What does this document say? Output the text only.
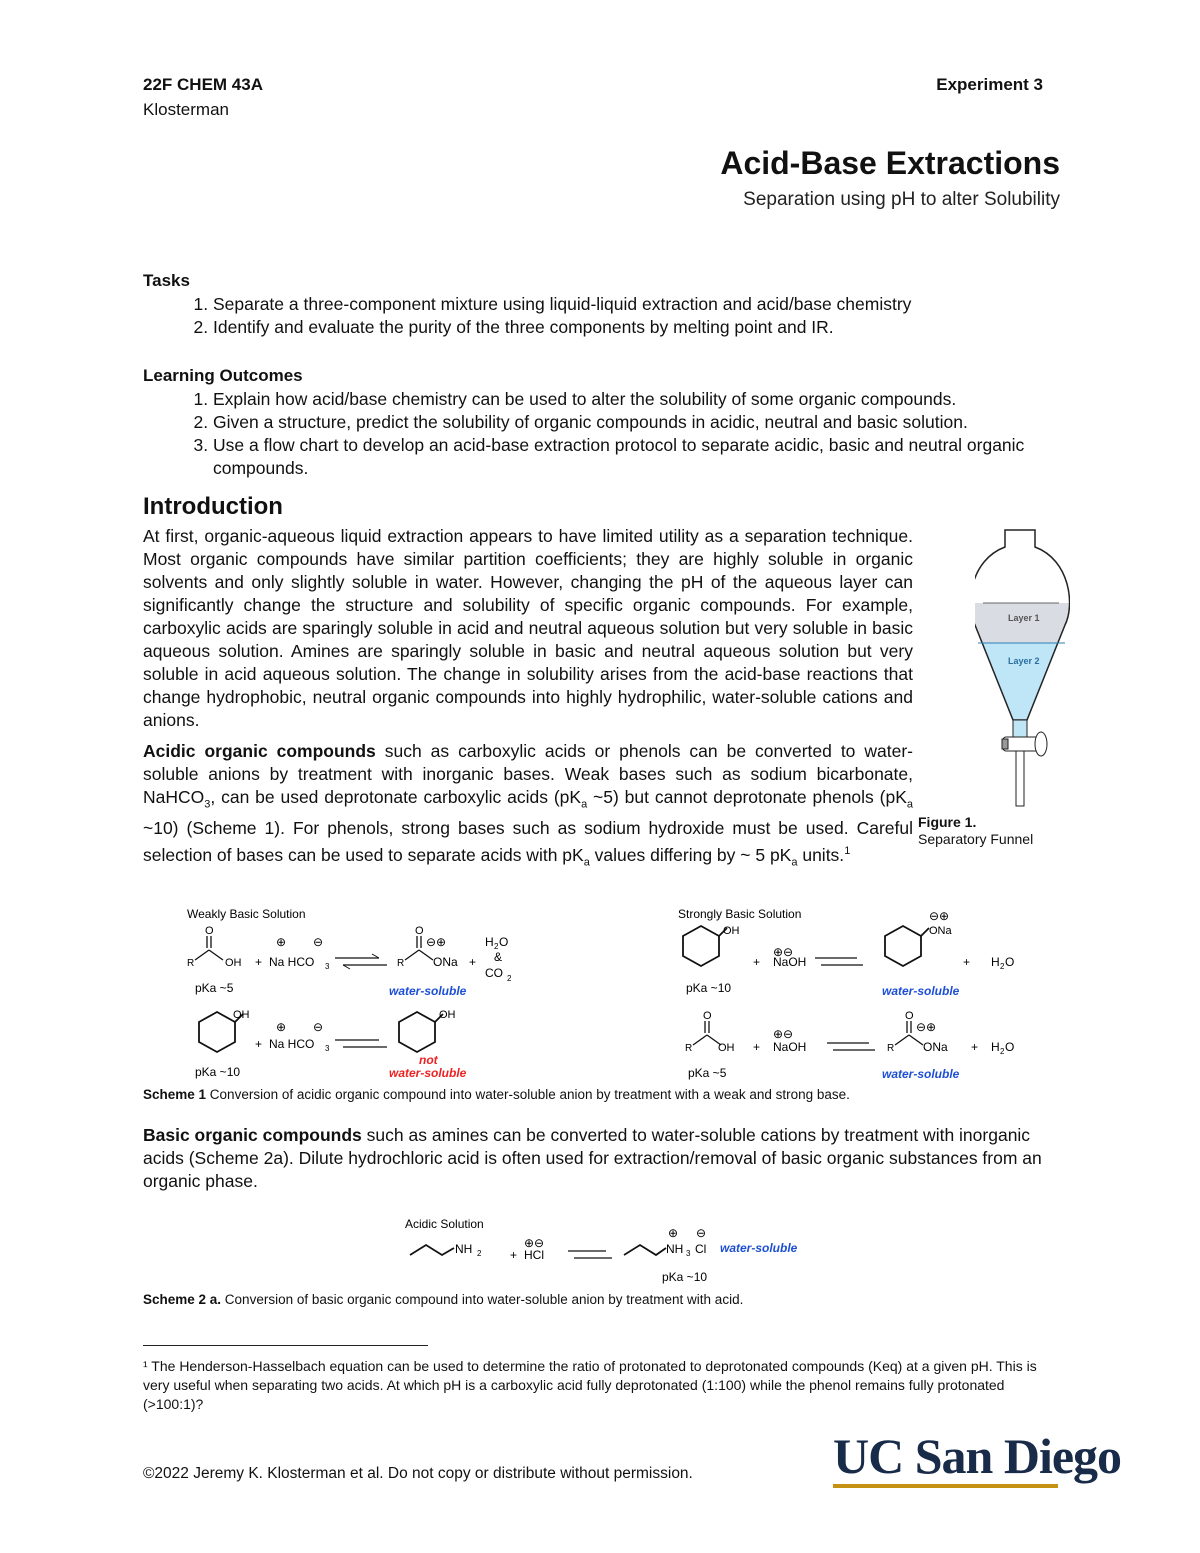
22F CHEM 43A
Klosterman
Experiment 3
Acid-Base Extractions
Separation using pH to alter Solubility
Tasks
1. Separate a three-component mixture using liquid-liquid extraction and acid/base chemistry
2. Identify and evaluate the purity of the three components by melting point and IR.
Learning Outcomes
1. Explain how acid/base chemistry can be used to alter the solubility of some organic compounds.
2. Given a structure, predict the solubility of organic compounds in acidic, neutral and basic solution.
3. Use a flow chart to develop an acid-base extraction protocol to separate acidic, basic and neutral organic compounds.
Introduction
At first, organic-aqueous liquid extraction appears to have limited utility as a separation technique. Most organic compounds have similar partition coefficients; they are highly soluble in organic solvents and only slightly soluble in water. However, changing the pH of the aqueous layer can significantly change the structure and solubility of specific organic compounds. For example, carboxylic acids are sparingly soluble in acid and neutral aqueous solution but very soluble in basic aqueous solution. Amines are sparingly soluble in basic and neutral aqueous solution but very soluble in acid aqueous solution. The change in solubility arises from the acid-base reactions that change hydrophobic, neutral organic compounds into highly hydrophilic, water-soluble cations and anions.
Acidic organic compounds such as carboxylic acids or phenols can be converted to water-soluble anions by treatment with inorganic bases. Weak bases such as sodium bicarbonate, NaHCO$_3$, can be used deprotonate carboxylic acids ($pK_a$ ~5) but cannot deprotonate phenols ($pK_a$ ~10) (Scheme 1). For phenols, strong bases such as sodium hydroxide must be used. Careful selection of bases can be used to separate acids with $pK_a$ values differing by ~ 5 $pK_a$ units.$^1$
Layer 1
Layer 2
Figure 1.
Separatory Funnel
Weakly Basic Solution
O
R	OH +
⊕ ⊖
Na HCO 3
O
R
⊖⊕
ONa +
H 2 O
&
CO 2
pKa ~5	water-soluble
OH
+
⊕ ⊖
Na HCO 3
OH
pKa ~10
not
water-soluble
Strongly Basic Solution
OH
+
⊕⊖
NaOH
⊖⊕
ONa
+ H 2 O
pKa ~10	water-soluble
O
R OH +
⊕⊖
NaOH
O
R
⊖⊕
ONa + H 2 O
pKa ~5	water-soluble
Scheme 1 Conversion of acidic organic compound into water-soluble anion by treatment with a weak and strong base.
Basic organic compounds such as amines can be converted to water-soluble cations by treatment with inorganic acids (Scheme 2a). Dilute hydrochloric acid is often used for extraction/removal of basic organic substances from an organic phase.
Acidic Solution
NH 2 +
⊕⊖
HCl
⊕ ⊖
NH 3 Cl water-soluble
pKa ~10
Scheme 2 a. Conversion of basic organic compound into water-soluble anion by treatment with acid.
¹ The Henderson-Hasselbach equation can be used to determine the ratio of protonated to deprotonated compounds (Keq) at a given pH. This is very useful when separating two acids. At which pH is a carboxylic acid fully deprotonated (1:100) while the phenol remains fully protonated (>100:1)?
©2022 Jeremy K. Klosterman et al. Do not copy or distribute without permission.	UC San Diego
